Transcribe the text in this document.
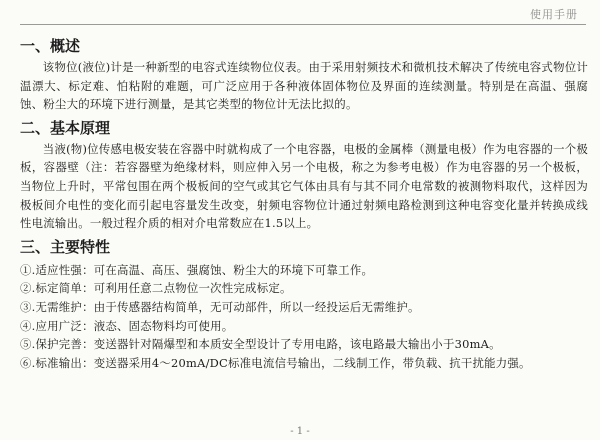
使用手册
一、概述

该物位(液位)计是一种新型的电容式连续物位仪表。由于采用射频技术和微机技术解决了传统电容式物位计温漂大、标定难、怕粘附的难题，可广泛应用于各种液体固体物位及界面的连续测量。特别是在高温、强腐蚀、粉尘大的环境下进行测量，是其它类型的物位计无法比拟的。

二、基本原理

当液(物)位传感电极安装在容器中时就构成了一个电容器，电极的金属棒（测量电极）作为电容器的一个极板，容器壁（注：若容器壁为绝缘材料，则应伸入另一个电极，称之为参考电极）作为电容器的另一个极板，当物位上升时，平常包围在两个极板间的空气或其它气体由具有与其不同介电常数的被测物料取代，这样因为极板间介电性的变化而引起电容量发生改变，射频电容物位计通过射频电路检测到这种电容变化量并转换成线性电流输出。一般过程介质的相对介电常数应在1.5以上。

三、主要特性
①.适应性强：可在高温、高压、强腐蚀、粉尘大的环境下可靠工作。
②.标定简单：可利用任意二点物位一次性完成标定。
③.无需维护：由于传感器结构简单，无可动部件，所以一经投运后无需维护。
④.应用广泛：液态、固态物料均可使用。
⑤.保护完善：变送器针对隔爆型和本质安全型设计了专用电路，该电路最大输出小于30mA。
⑥.标准输出：变送器采用4～20mA/DC标准电流信号输出，二线制工作，带负载、抗干扰能力强。
- 1 -
